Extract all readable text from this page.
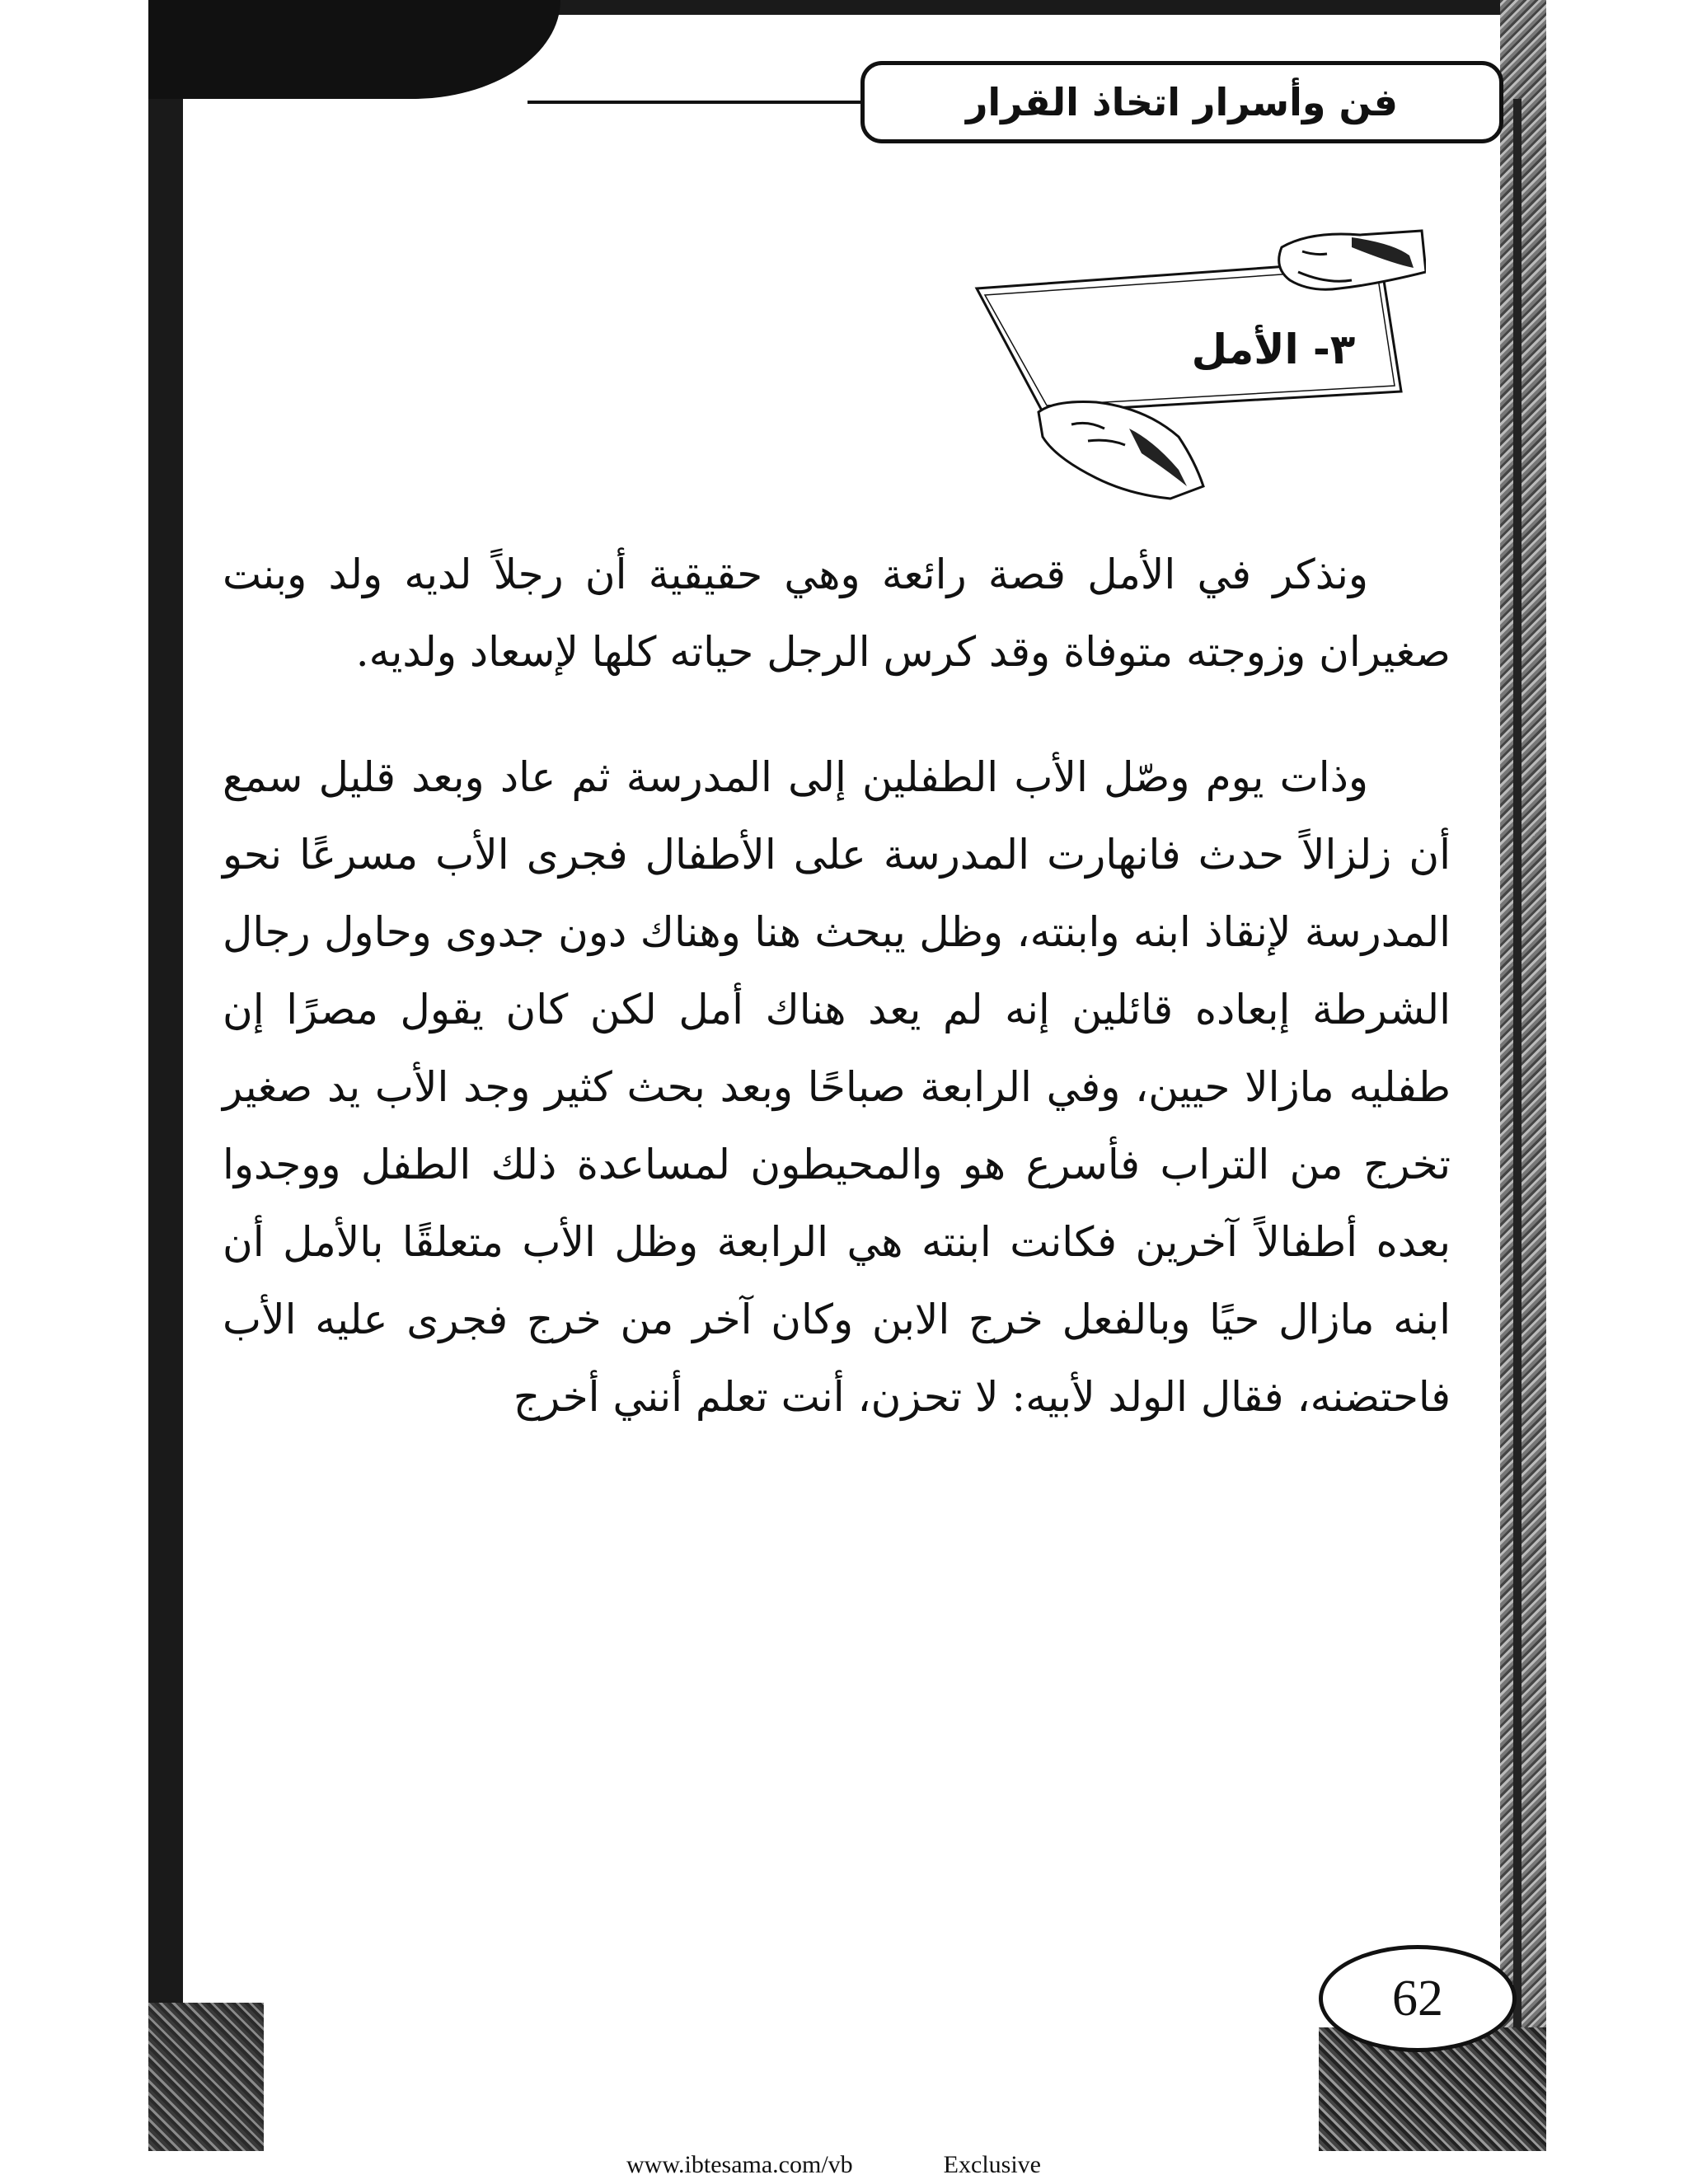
فن وأسرار اتخاذ القرار
٣- الأمل

ونذكر في الأمل قصة رائعة وهي حقيقية أن رجلاً لديه ولد وبنت صغيران وزوجته متوفاة وقد كرس الرجل حياته كلها لإسعاد ولديه.

وذات يوم وصّل الأب الطفلين إلى المدرسة ثم عاد وبعد قليل سمع أن زلزالاً حدث فانهارت المدرسة على الأطفال فجرى الأب مسرعًا نحو المدرسة لإنقاذ ابنه وابنته، وظل يبحث هنا وهناك دون جدوى وحاول رجال الشرطة إبعاده قائلين إنه لم يعد هناك أمل لكن كان يقول مصرًا إن طفليه مازالا حيين، وفي الرابعة صباحًا وبعد بحث كثير وجد الأب يد صغير تخرج من التراب فأسرع هو والمحيطون لمساعدة ذلك الطفل ووجدوا بعده أطفالاً آخرين فكانت ابنته هي الرابعة وظل الأب متعلقًا بالأمل أن ابنه مازال حيًا وبالفعل خرج الابن وكان آخر من خرج فجرى عليه الأب فاحتضنه، فقال الولد لأبيه: لا تحزن، أنت تعلم أنني أخرج

62
www.ibtesama.com/vb	Exclusive
